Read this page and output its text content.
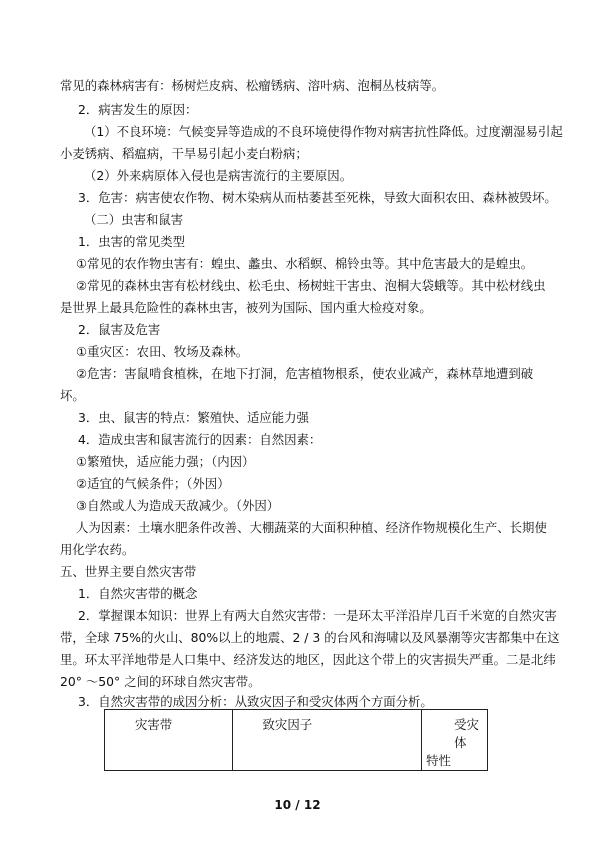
常见的森林病害有：杨树烂皮病、松瘤锈病、溶叶病、泡桐丛枝病等。
2．病害发生的原因：
（1）不良环境：气候变异等造成的不良环境使得作物对病害抗性降低。过度潮湿易引起
小麦锈病、稻瘟病，干旱易引起小麦白粉病；
（2）外来病原体入侵也是病害流行的主要原因。
3．危害：病害使农作物、树木染病从而枯萎甚至死株，导致大面积农田、森林被毁坏。
（二）虫害和鼠害
1．虫害的常见类型
①常见的农作物虫害有：蝗虫、蠡虫、水稻螟、棉铃虫等。其中危害最大的是蝗虫。
②常见的森林虫害有松材线虫、松毛虫、杨树蛀干害虫、泡桐大袋蛾等。其中松材线虫
是世界上最具危险性的森林虫害，被列为国际、国内重大检疫对象。
2．鼠害及危害
①重灾区：农田、牧场及森林。
②危害：害鼠啃食植株，在地下打洞，危害植物根系，使农业减产，森林草地遭到破
坏。
3．虫、鼠害的特点：繁殖快、适应能力强
4．造成虫害和鼠害流行的因素：自然因素：
①繁殖快，适应能力强；（内因）
②适宜的气候条件；（外因）
③自然或人为造成天敌减少。（外因）
人为因素：土壤水肥条件改善、大棚蔬菜的大面积种植、经济作物规模化生产、长期使
用化学农药。
五、世界主要自然灾害带
1．自然灾害带的概念
2．掌握课本知识：世界上有两大自然灾害带：一是环太平洋沿岸几百千米宽的自然灾害
带，全球 75%的火山、80%以上的地震、2 / 3 的台风和海啸以及风暴潮等灾害都集中在这
里。环太平洋地带是人口集中、经济发达的地区，因此这个带上的灾害损失严重。二是北纬
20° ～50° 之间的环球自然灾害带。
3．自然灾害带的成因分析：从致灾因子和受灾体两个方面分析。
灾害带	致灾因子	受灾体
特性
10 / 12
